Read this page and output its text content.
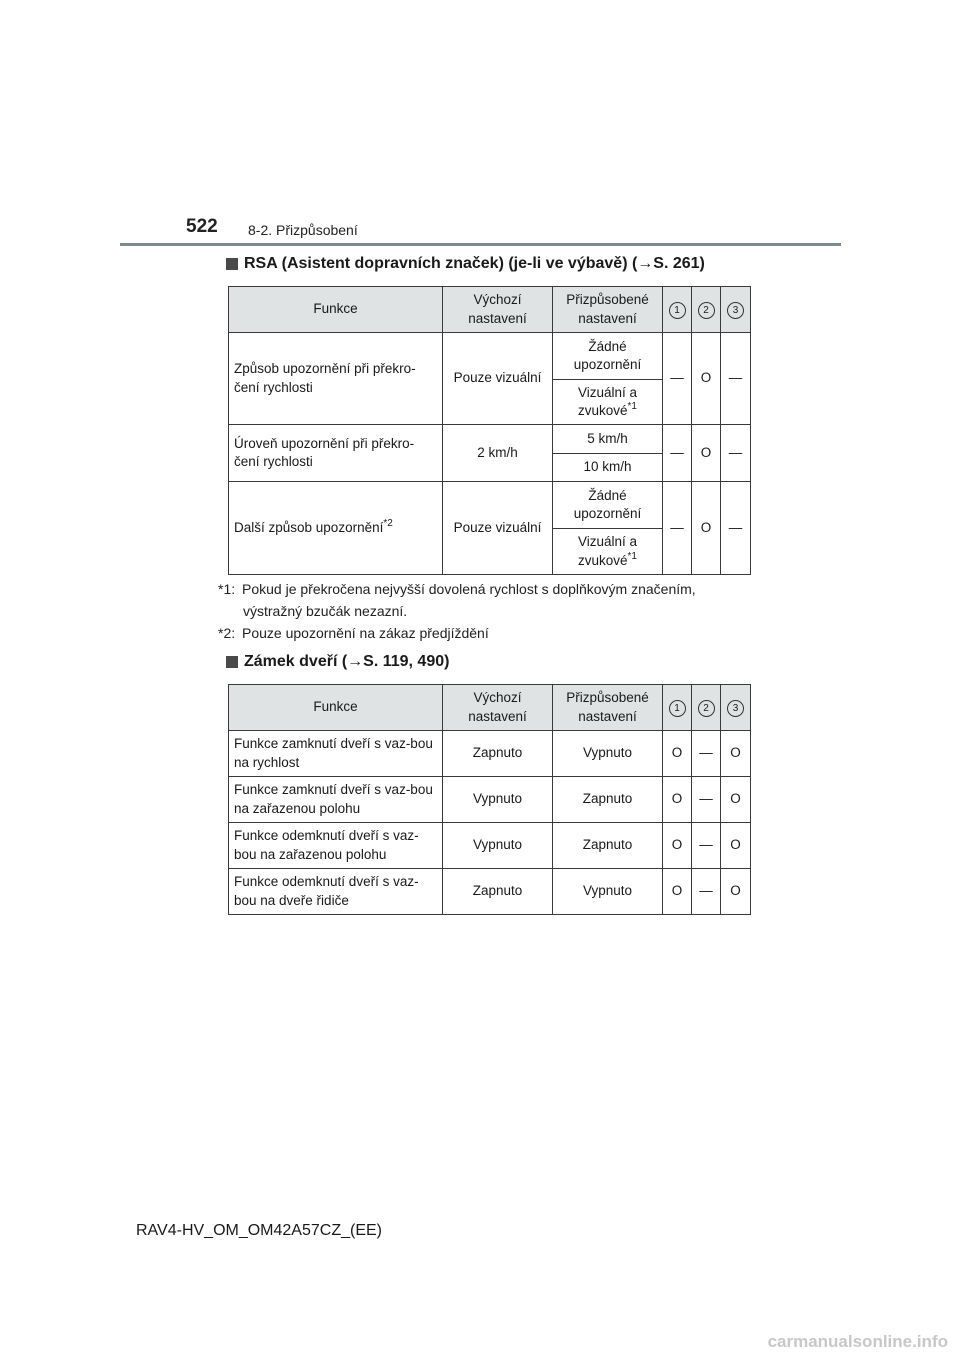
522 8-2. Přizpůsobení
RSA (Asistent dopravních značek) (je-li ve výbavě) (→S. 261)
Funkce	Výchozí nastavení	Přizpůsobené nastavení	1	2	3
Způsob upozornění při překro-čení rychlosti	Pouze vizuální	Žádné upozornění	—	O	—
		Vizuální a zvukové$^{*1}$
Úroveň upozornění při překro-čení rychlosti	2 km/h	5 km/h	—	O	—
		10 km/h			
Další způsob upozornění$^{*2}$	Pouze vizuální	Žádné upozornění	—	O	—
		Vizuální a zvukové$^{*1}$
*1: Pokud je překročena nejvyšší dovolená rychlost s doplňkovým značením,
výstražný bzučák nezazní.
*2: Pouze upozornění na zákaz předjíždění
Zámek dveří (→S. 119, 490)
Funkce	Výchozí nastavení	Přizpůsobené nastavení	1	2	3
Funkce zamknutí dveří s vaz-bou na rychlost	Zapnuto	Vypnuto	O	—	O
Funkce zamknutí dveří s vaz-bou na zařazenou polohu	Vypnuto	Zapnuto	O	—	O
Funkce odemknutí dveří s vaz-bou na zařazenou polohu	Vypnuto	Zapnuto	O	—	O
Funkce odemknutí dveří s vaz-bou na dveře řidiče	Zapnuto	Vypnuto	O	—	O
RAV4-HV_OM_OM42A57CZ_(EE)
carmanualsonline.info
